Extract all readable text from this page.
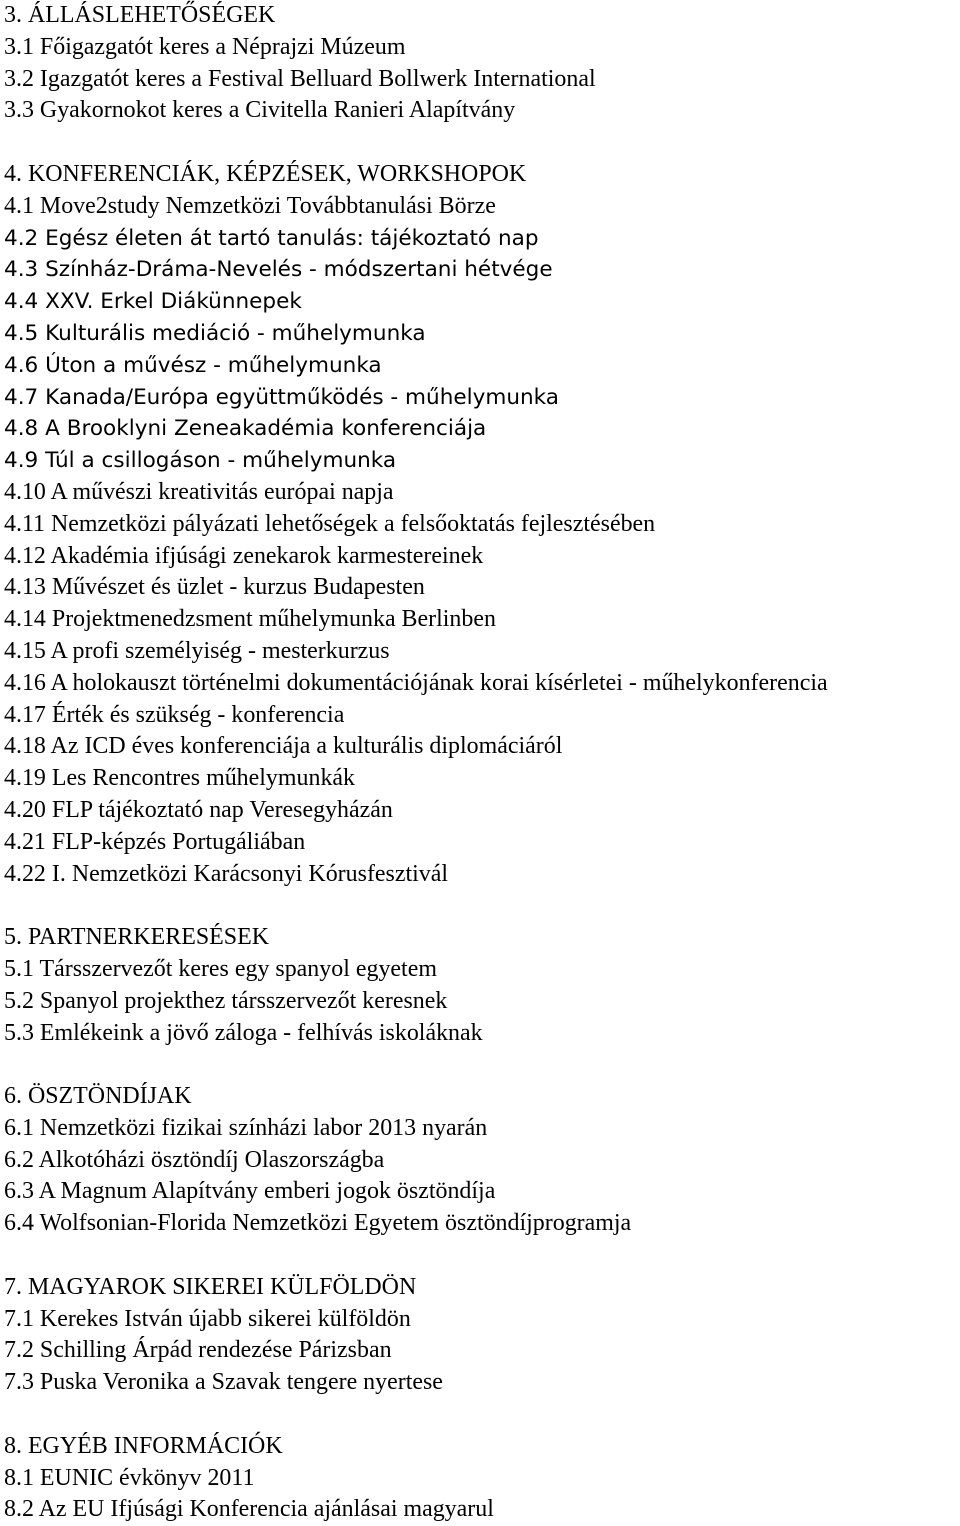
3. ÁLLÁSLEHETŐSÉGEK
3.1 Főigazgatót keres a Néprajzi Múzeum
3.2 Igazgatót keres a Festival Belluard Bollwerk International
3.3 Gyakornokot keres a Civitella Ranieri Alapítvány
4. KONFERENCIÁK, KÉPZÉSEK, WORKSHOPOK
4.1 Move2study Nemzetközi Továbbtanulási Börze
4.2 Egész életen át tartó tanulás: tájékoztató nap
4.3 Színház-Dráma-Nevelés - módszertani hétvége
4.4 XXV. Erkel Diákünnepek
4.5 Kulturális mediáció - műhelymunka
4.6 Úton a művész - műhelymunka
4.7 Kanada/Európa együttműködés - műhelymunka
4.8 A Brooklyni Zeneakadémia konferenciája
4.9 Túl a csillogáson - műhelymunka
4.10 A művészi kreativitás európai napja
4.11 Nemzetközi pályázati lehetőségek a felsőoktatás fejlesztésében
4.12 Akadémia ifjúsági zenekarok karmestereinek
4.13 Művészet és üzlet - kurzus Budapesten
4.14 Projektmenedzsment műhelymunka Berlinben
4.15 A profi személyiség - mesterkurzus
4.16 A holokauszt történelmi dokumentációjának korai kísérletei - műhelykonferencia
4.17 Érték és szükség - konferencia
4.18 Az ICD éves konferenciája a kulturális diplomáciáról
4.19 Les Rencontres műhelymunkák
4.20 FLP tájékoztató nap Veresegyházán
4.21 FLP-képzés Portugáliában
4.22 I. Nemzetközi Karácsonyi Kórusfesztivál
5. PARTNERKERESÉSEK
5.1 Társszervezőt keres egy spanyol egyetem
5.2 Spanyol projekthez társszervezőt keresnek
5.3 Emlékeink a jövő záloga - felhívás iskoláknak
6. ÖSZTÖNDÍJAK
6.1 Nemzetközi fizikai színházi labor 2013 nyarán
6.2 Alkotóházi ösztöndíj Olaszországba
6.3 A Magnum Alapítvány emberi jogok ösztöndíja
6.4 Wolfsonian-Florida Nemzetközi Egyetem ösztöndíjprogramja
7. MAGYAROK SIKEREI KÜLFÖLDÖN
7.1 Kerekes István újabb sikerei külföldön
7.2 Schilling Árpád rendezése Párizsban
7.3 Puska Veronika a Szavak tengere nyertese
8. EGYÉB INFORMÁCIÓK
8.1 EUNIC évkönyv 2011
8.2 Az EU Ifjúsági Konferencia ajánlásai magyarul
